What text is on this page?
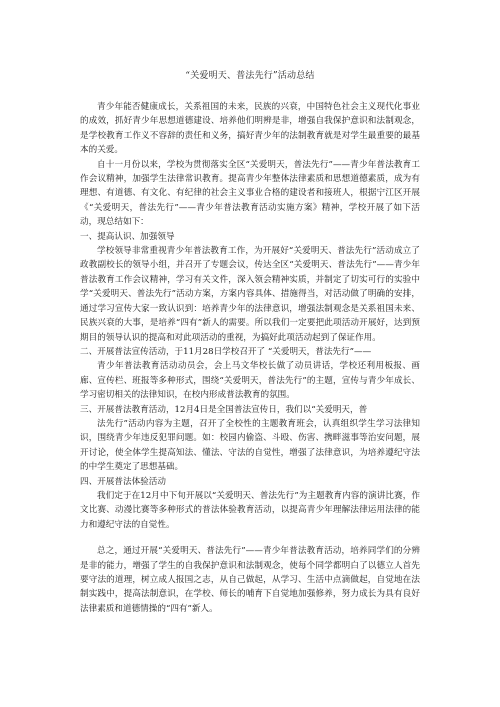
“关爱明天、普法先行”活动总结

青少年能否健康成长，关系祖国的未来，民族的兴衰，中国特色社会主义现代化事业的成效，抓好青少年思想道德建设、培养他们明辨是非，增强自我保护意识和法制观念，是学校教育工作义不容辞的责任和义务，搞好青少年的法制教育就是对学生最重要的最基本的关爱。

自十一月份以来，学校为贯彻落实全区“关爱明天，普法先行”——青少年普法教育工作会议精神，加强学生法律常识教育。提高青少年整体法律素质和思想道德素质，成为有理想、有道德、有文化、有纪律的社会主义事业合格的建设者和接班人，根据宁江区开展《“关爱明天，普法先行”——青少年普法教育活动实施方案》精神，学校开展了如下活动，现总结如下：

一、提高认识、加强领导

学校领导非常重视青少年普法教育工作，为开展好“关爱明天、普法先行”活动成立了政教副校长的领导小组，并召开了专题会议，传达全区“关爱明天、普法先行”——青少年普法教育工作会议精神，学习有关文件，深入领会精神实质，并制定了切实可行的实验中学“关爱明天、普法先行”活动方案，方案内容具体、措施得当，对活动做了明确的安排，通过学习宣传大家一致认识到：培养青少年的法律意识，增强法制观念是关系祖国未来、民族兴衰的大事，是培养“四有”新人的需要。所以我们一定要把此项活动开展好，达到预期目的领导认识的提高和对此项活动的重视，为搞好此项活动起到了保证作用。

二、开展普法宣传活动，于11月28日学校召开了 “关爱明天，普法先行”——

青少年普法教育活动动员会，会上马文华校长做了动员讲话，学校还利用板报、画廊、宣传栏、班报等多种形式，围绕“关爱明天，普法先行”的主题，宣传与青少年成长、学习密切相关的法律知识，在校内形成普法教育的氛围。

三、开展普法教育活动，12月4日是全国普法宣传日，我们以“关爱明天，普

法先行”活动内容为主题，召开了全校性的主题教育班会，认真组织学生学习法律知识，围绕青少年违反犯罪问题。如：校园内偷盗、斗殴、伤害、携畔滋事等治安问题，展开讨论，使全体学生提高知法、懂法、守法的自觉性，增强了法律意识，为培养遵纪守法的中学生奠定了思想基础。

四、开展普法体验活动

我们定于在12月中下旬开展以“关爱明天、普法先行”为主题教育内容的演讲比赛，作文比赛、动漫比赛等多种形式的普法体验教育活动，以提高青少年理解法律运用法律的能力和遵纪守法的自觉性。

总之，通过开展“关爱明天、普法先行”——青少年普法教育活动，培养同学们的分辨是非的能力，增强了学生的自我保护意识和法制观念，使每个同学都明白了以德立人首先要守法的道理，树立成人报国之志，从自己做起，从学习、生活中点滴做起，自觉地在法制实践中，提高法制意识，在学校、师长的哺育下自觉地加强修养，努力成长为具有良好法律素质和道德情操的“四有”新人。
